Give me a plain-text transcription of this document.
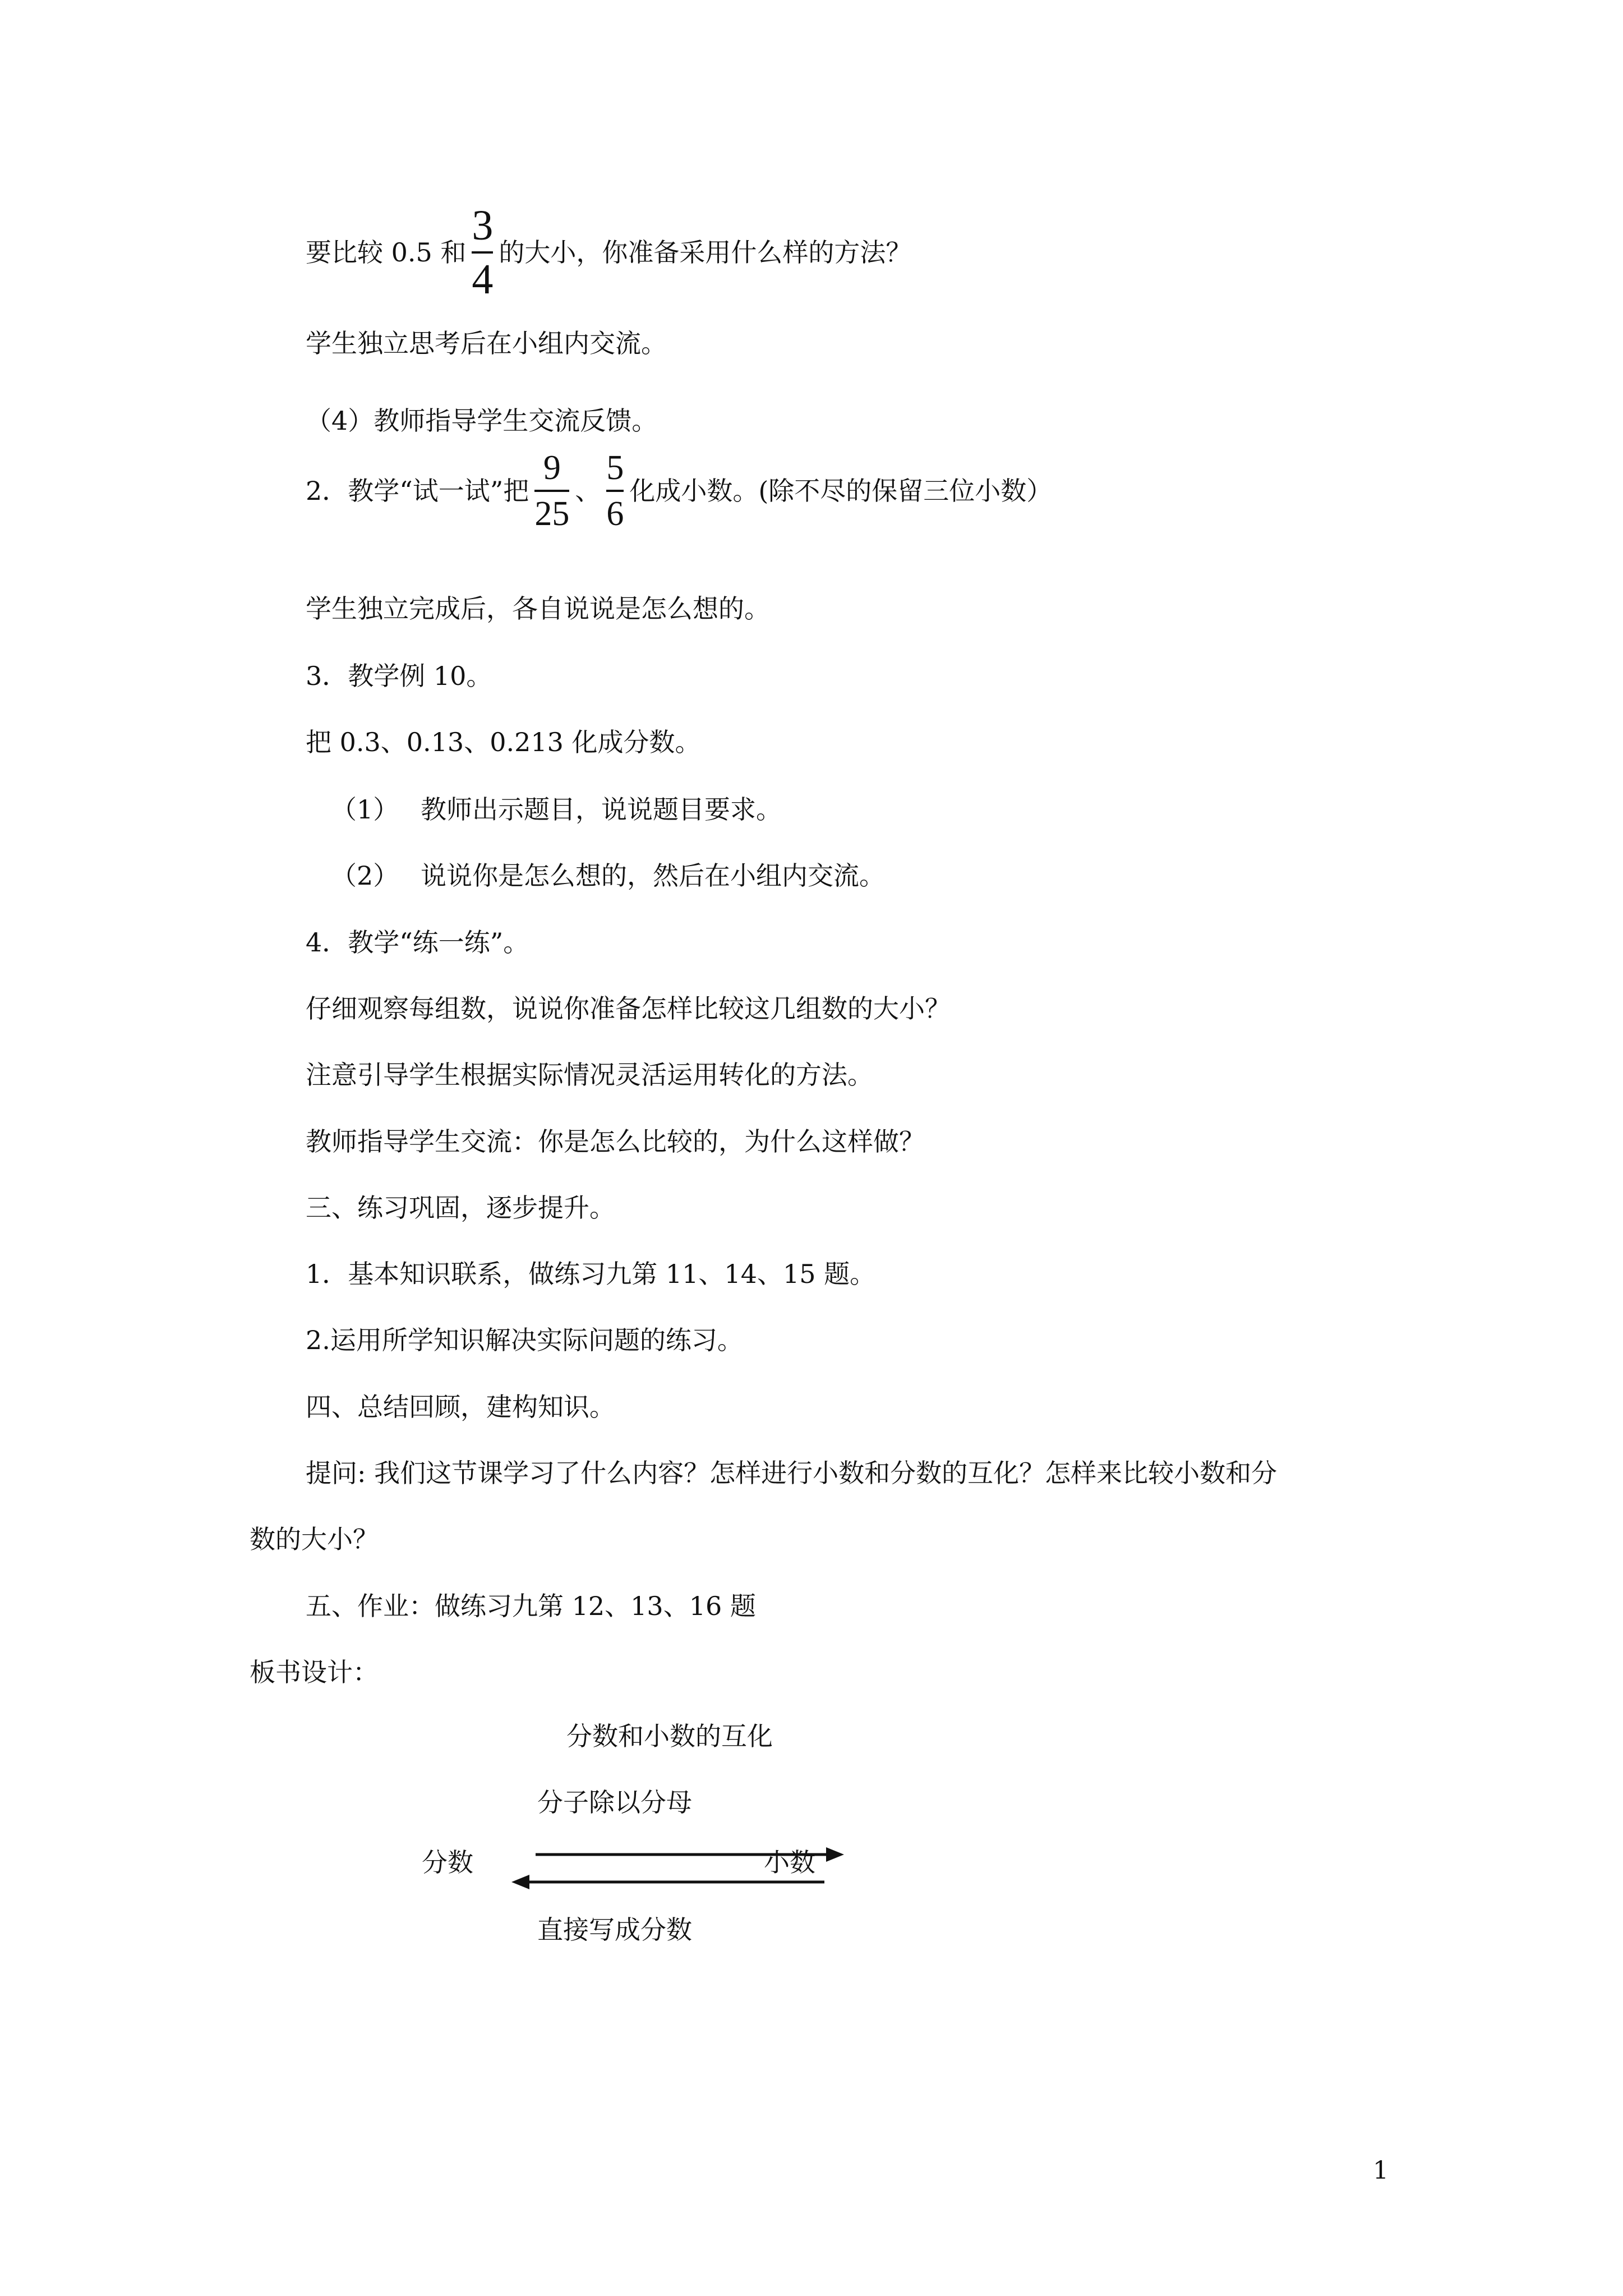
要比较 0.5 和 $\frac{3}{4}$ 的大小，你准备采用什么样的方法？
学生独立思考后在小组内交流。
（4）教师指导学生交流反馈。
2．教学“试一试”把 $\frac{9}{25}$ 、 $\frac{5}{6}$ 化成小数。(除不尽的保留三位小数）
学生独立完成后，各自说说是怎么想的。
3．教学例 10。
把 0.3、0.13、0.213 化成分数。
（1） 教师出示题目，说说题目要求。
（2） 说说你是怎么想的，然后在小组内交流。
4．教学“练一练”。
仔细观察每组数，说说你准备怎样比较这几组数的大小？
注意引导学生根据实际情况灵活运用转化的方法。
教师指导学生交流：你是怎么比较的，为什么这样做？
三、练习巩固，逐步提升。
1．基本知识联系，做练习九第 11、14、15 题。
2.运用所学知识解决实际问题的练习。
四、总结回顾，建构知识。
提问: 我们这节课学习了什么内容？怎样进行小数和分数的互化？怎样来比较小数和分
数的大小？
五、作业：做练习九第 12、13、16 题
板书设计：
分数和小数的互化
分子除以分母
分数	小数
直接写成分数
1
